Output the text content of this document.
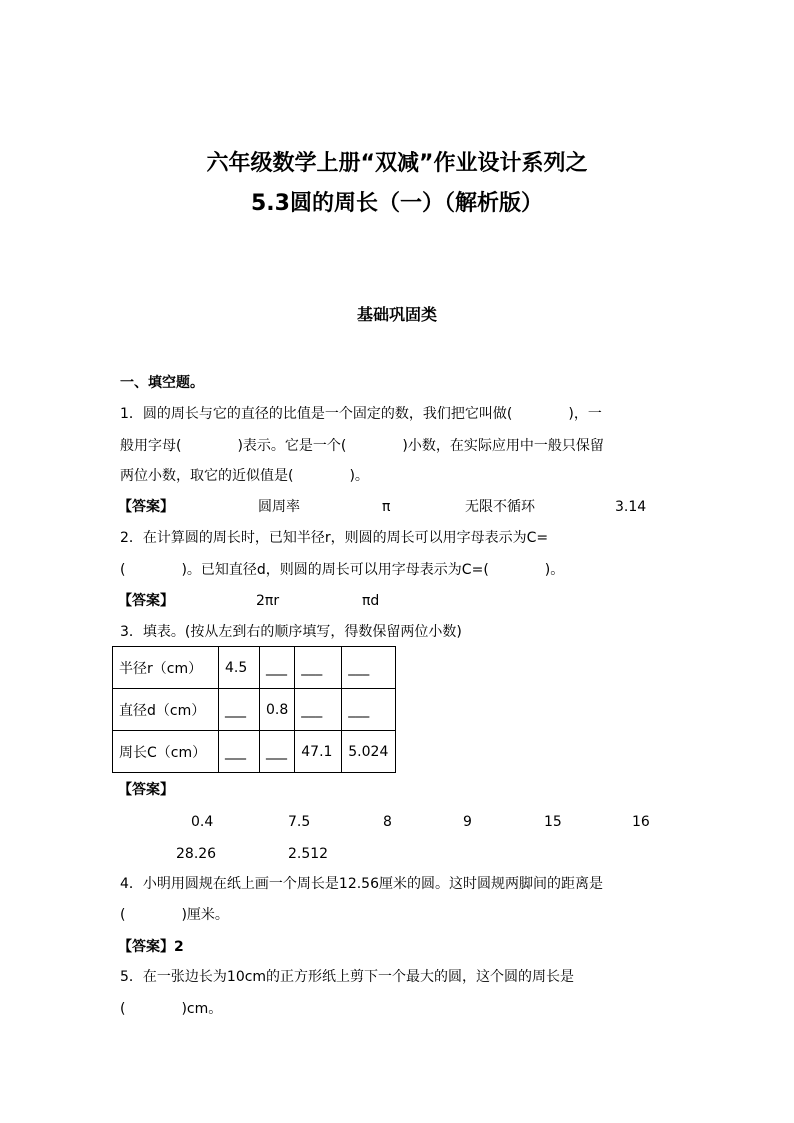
六年级数学上册“双减”作业设计系列之
5.3圆的周长（一）（解析版）
基础巩固类
一、填空题。
1．圆的周长与它的直径的比值是一个固定的数，我们把它叫做(　　　　)，一
般用字母(　　　　)表示。它是一个(　　　　)小数，在实际应用中一般只保留
两位小数，取它的近似值是(　　　　)。
【答案】	圆周率	π	无限不循环	3.14
2．在计算圆的周长时，已知半径r，则圆的周长可以用字母表示为C=
(　　　　)。已知直径d，则圆的周长可以用字母表示为C=(　　　　)。
【答案】	2πr	πd
3．填表。(按从左到右的顺序填写，得数保留两位小数)
半径r（cm）	4.5	___	___	___
直径d（cm）	___	0.8	___	___
周长C（cm）	___	___	47.1	5.024
【答案】
0.4	7.5	8	9	15	16
28.26	2.512
4．小明用圆规在纸上画一个周长是12.56厘米的圆。这时圆规两脚间的距离是
(　　　　)厘米。
【答案】2
5．在一张边长为10cm的正方形纸上剪下一个最大的圆，这个圆的周长是
(　　　　)cm。
